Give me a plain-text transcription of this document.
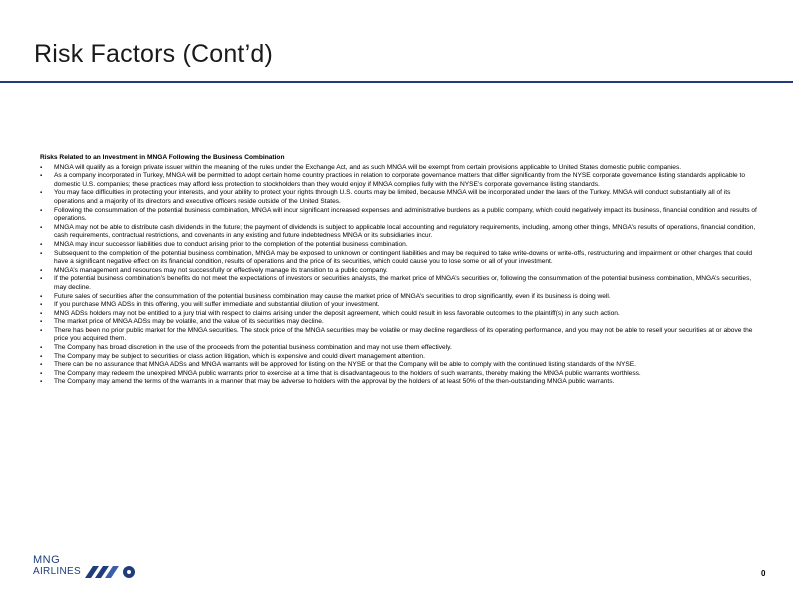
Risk Factors (Cont’d)
Risks Related to an Investment in MNGA Following the Business Combination
▪ MNGA will qualify as a foreign private issuer within the meaning of the rules under the Exchange Act, and as such MNGA will be exempt from certain provisions applicable to United States domestic public companies.
▪ As a company incorporated in Turkey, MNGA will be permitted to adopt certain home country practices in relation to corporate governance matters that differ significantly from the NYSE corporate governance listing standards applicable to domestic U.S. companies; these practices may afford less protection to stockholders than they would enjoy if MNGA complies fully with the NYSE’s corporate governance listing standards.
▪ You may face difficulties in protecting your interests, and your ability to protect your rights through U.S. courts may be limited, because MNGA will be incorporated under the laws of the Turkey. MNGA will conduct substantially all of its operations and a majority of its directors and executive officers reside outside of the United States.
▪ Following the consummation of the potential business combination, MNGA will incur significant increased expenses and administrative burdens as a public company, which could negatively impact its business, financial condition and results of operations.
▪ MNGA may not be able to distribute cash dividends in the future; the payment of dividends is subject to applicable local accounting and regulatory requirements, including, among other things, MNGA’s results of operations, financial condition, cash requirements, contractual restrictions, and covenants in any existing and future indebtedness MNGA or its subsidiaries incur.
▪ MNGA may incur successor liabilities due to conduct arising prior to the completion of the potential business combination.
▪ Subsequent to the completion of the potential business combination, MNGA may be exposed to unknown or contingent liabilities and may be required to take write-downs or write-offs, restructuring and impairment or other charges that could have a significant negative effect on its financial condition, results of operations and the price of its securities, which could cause you to lose some or all of your investment.
▪ MNGA’s management and resources may not successfully or effectively manage its transition to a public company.
▪ If the potential business combination’s benefits do not meet the expectations of investors or securities analysts, the market price of MNGA’s securities or, following the consummation of the potential business combination, MNGA’s securities, may decline.
▪ Future sales of securities after the consummation of the potential business combination may cause the market price of MNGA’s securities to drop significantly, even if its business is doing well.
▪ If you purchase MNG ADSs in this offering, you will suffer immediate and substantial dilution of your investment.
▪ MNG ADSs holders may not be entitled to a jury trial with respect to claims arising under the deposit agreement, which could result in less favorable outcomes to the plaintiff(s) in any such action.
▪ The market price of MNGA ADSs may be volatile, and the value of its securities may decline.
▪ There has been no prior public market for the MNGA securities. The stock price of the MNGA securities may be volatile or may decline regardless of its operating performance, and you may not be able to resell your securities at or above the price you acquired them.
▪ The Company has broad discretion in the use of the proceeds from the potential business combination and may not use them effectively.
▪ The Company may be subject to securities or class action litigation, which is expensive and could divert management attention.
▪ There can be no assurance that MNGA ADSs and MNGA warrants will be approved for listing on the NYSE or that the Company will be able to comply with the continued listing standards of the NYSE.
▪ The Company may redeem the unexpired MNGA public warrants prior to exercise at a time that is disadvantageous to the holders of such warrants, thereby making the MNGA public warrants worthless.
▪ The Company may amend the terms of the warrants in a manner that may be adverse to holders with the approval by the holders of at least 50% of the then-outstanding MNGA public warrants.
MNG
AIRLINES	0
